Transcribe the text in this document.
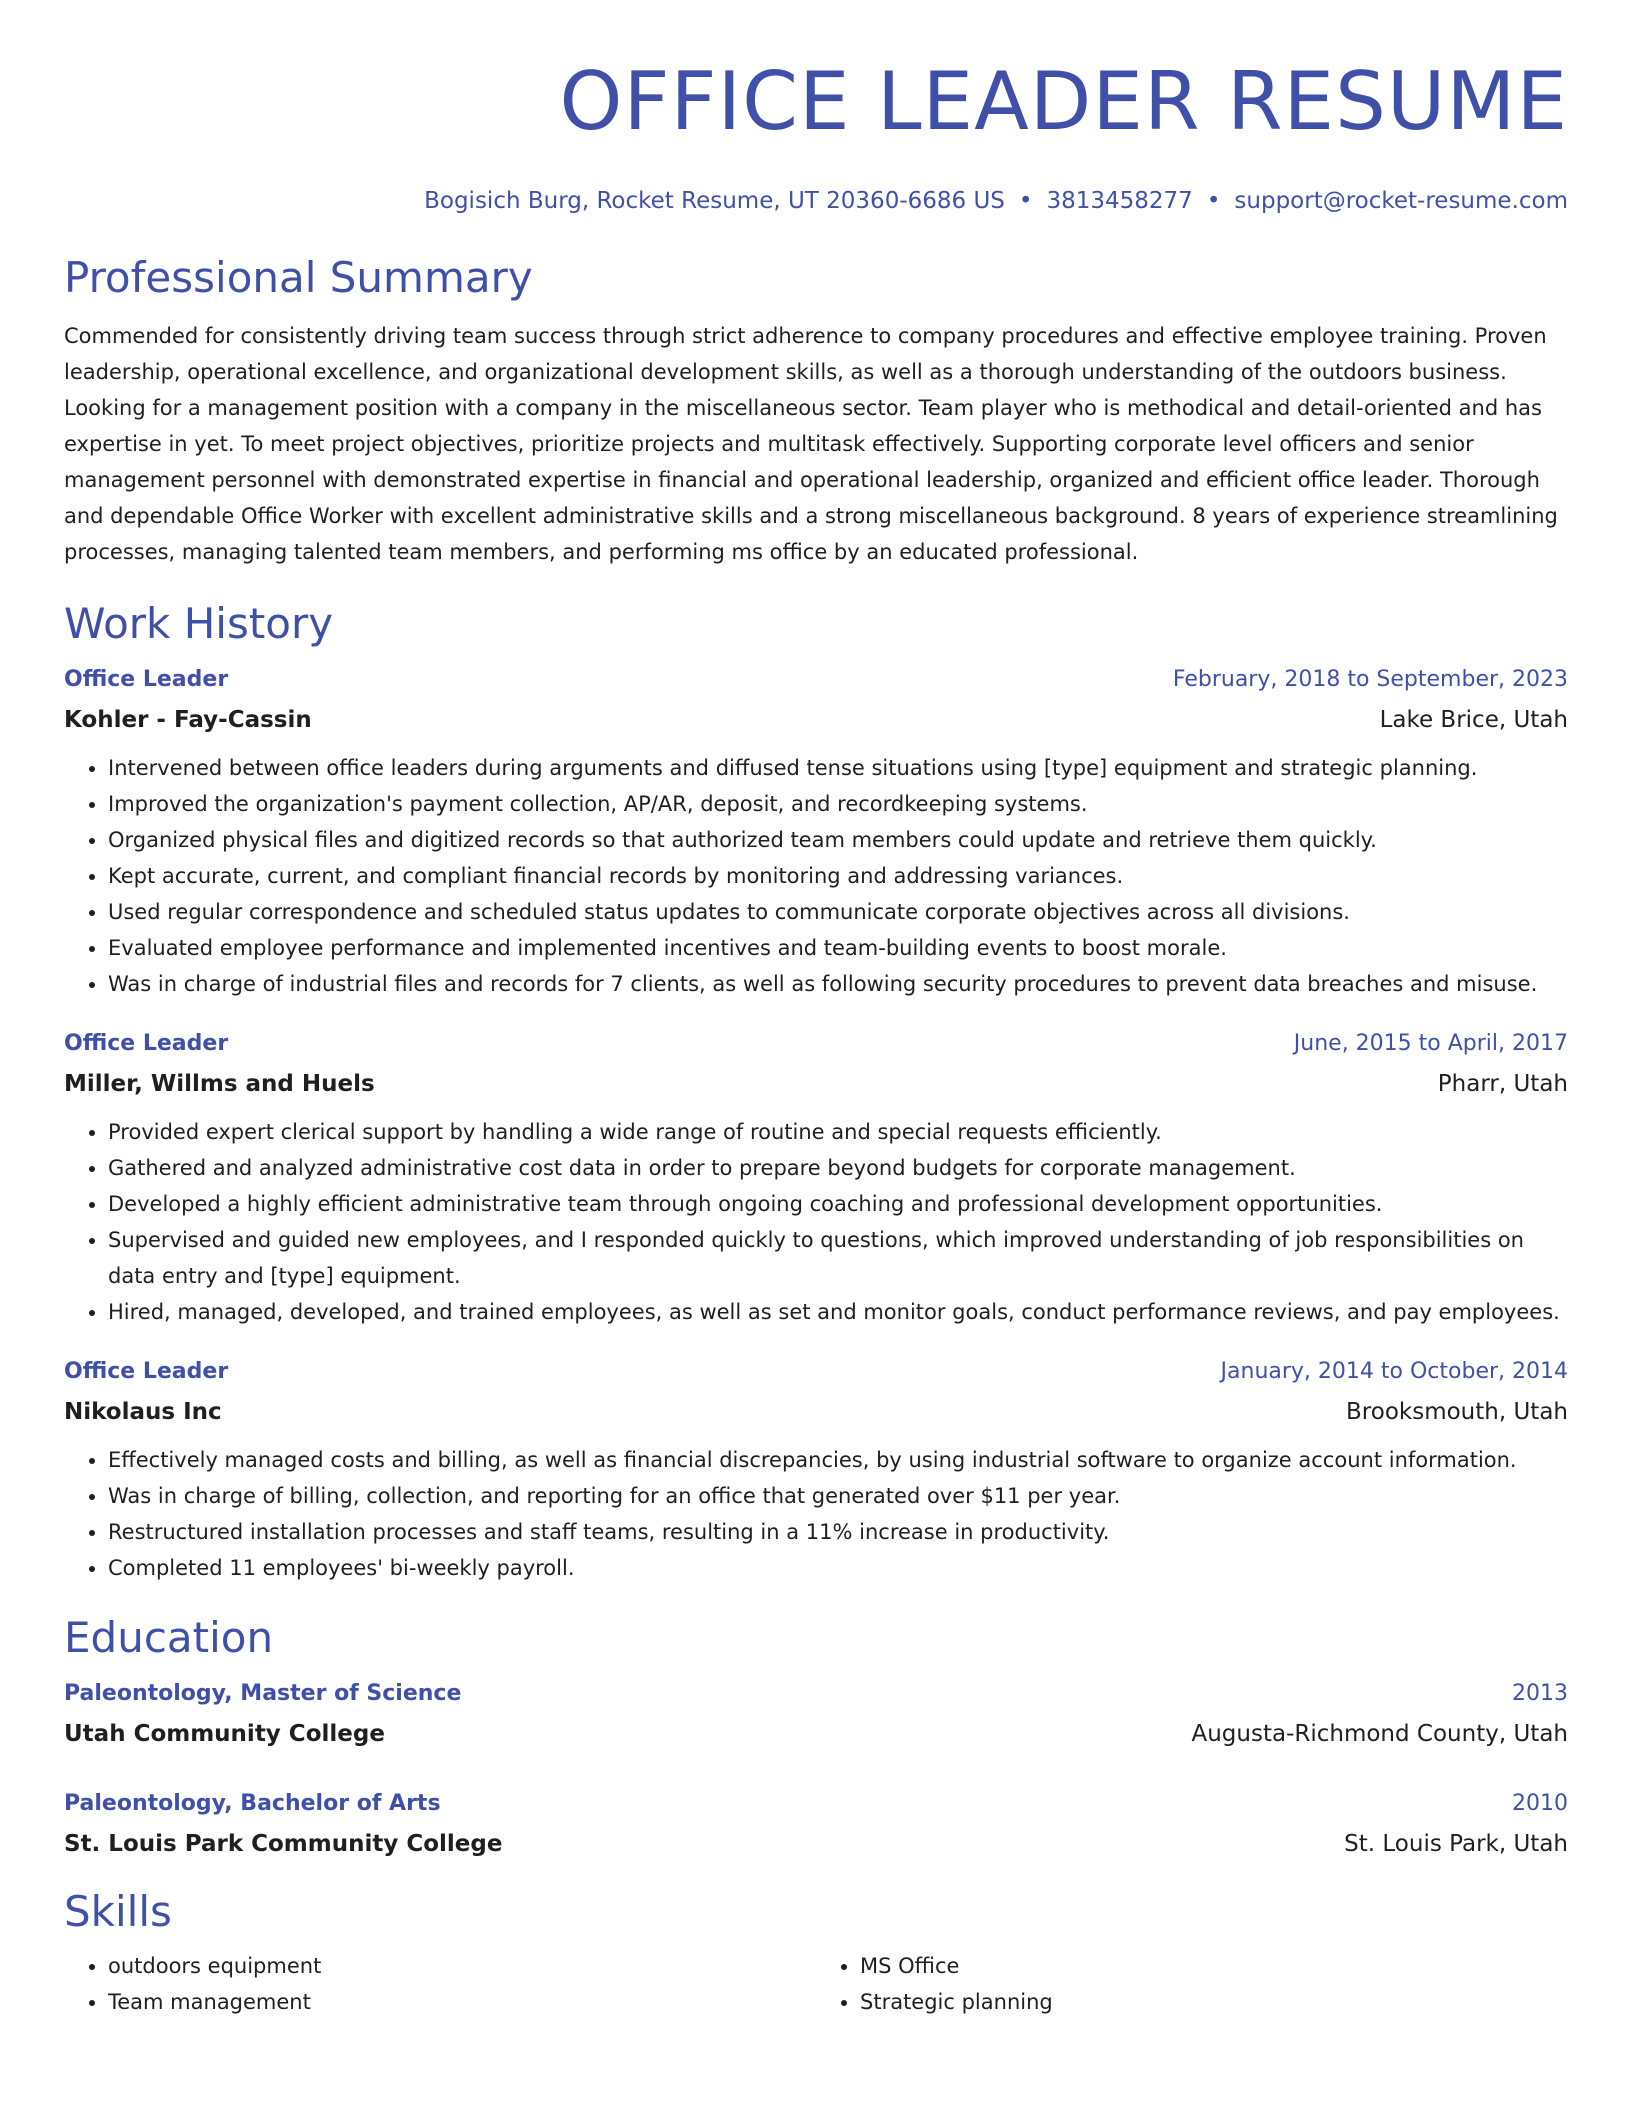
OFFICE LEADER RESUME
Bogisich Burg, Rocket Resume, UT 20360-6686 US • 3813458277 • support@rocket-resume.com
Professional Summary

Commended for consistently driving team success through strict adherence to company procedures and effective employee training. Proven leadership, operational excellence, and organizational development skills, as well as a thorough understanding of the outdoors business. Looking for a management position with a company in the miscellaneous sector. Team player who is methodical and detail-oriented and has expertise in yet. To meet project objectives, prioritize projects and multitask effectively. Supporting corporate level officers and senior management personnel with demonstrated expertise in financial and operational leadership, organized and efficient office leader. Thorough and dependable Office Worker with excellent administrative skills and a strong miscellaneous background. 8 years of experience streamlining processes, managing talented team members, and performing ms office by an educated professional.

Work History
Office Leader	February, 2018 to September, 2023
Kohler - Fay-Cassin	Lake Brice, Utah
• Intervened between office leaders during arguments and diffused tense situations using [type] equipment and strategic planning.
• Improved the organization's payment collection, AP/AR, deposit, and recordkeeping systems.
• Organized physical files and digitized records so that authorized team members could update and retrieve them quickly.
• Kept accurate, current, and compliant financial records by monitoring and addressing variances.
• Used regular correspondence and scheduled status updates to communicate corporate objectives across all divisions.
• Evaluated employee performance and implemented incentives and team-building events to boost morale.
• Was in charge of industrial files and records for 7 clients, as well as following security procedures to prevent data breaches and misuse.
Office Leader	June, 2015 to April, 2017
Miller, Willms and Huels	Pharr, Utah
• Provided expert clerical support by handling a wide range of routine and special requests efficiently.
• Gathered and analyzed administrative cost data in order to prepare beyond budgets for corporate management.
• Developed a highly efficient administrative team through ongoing coaching and professional development opportunities.
• Supervised and guided new employees, and I responded quickly to questions, which improved understanding of job responsibilities on data entry and [type] equipment.
• Hired, managed, developed, and trained employees, as well as set and monitor goals, conduct performance reviews, and pay employees.
Office Leader	January, 2014 to October, 2014
Nikolaus Inc	Brooksmouth, Utah
• Effectively managed costs and billing, as well as financial discrepancies, by using industrial software to organize account information.
• Was in charge of billing, collection, and reporting for an office that generated over $11 per year.
• Restructured installation processes and staff teams, resulting in a 11% increase in productivity.
• Completed 11 employees' bi-weekly payroll.
Education
Paleontology, Master of Science	2013
Utah Community College	Augusta-Richmond County, Utah
Paleontology, Bachelor of Arts	2010
St. Louis Park Community College	St. Louis Park, Utah
Skills
• outdoors equipment
• Team management
• MS Office
• Strategic planning
